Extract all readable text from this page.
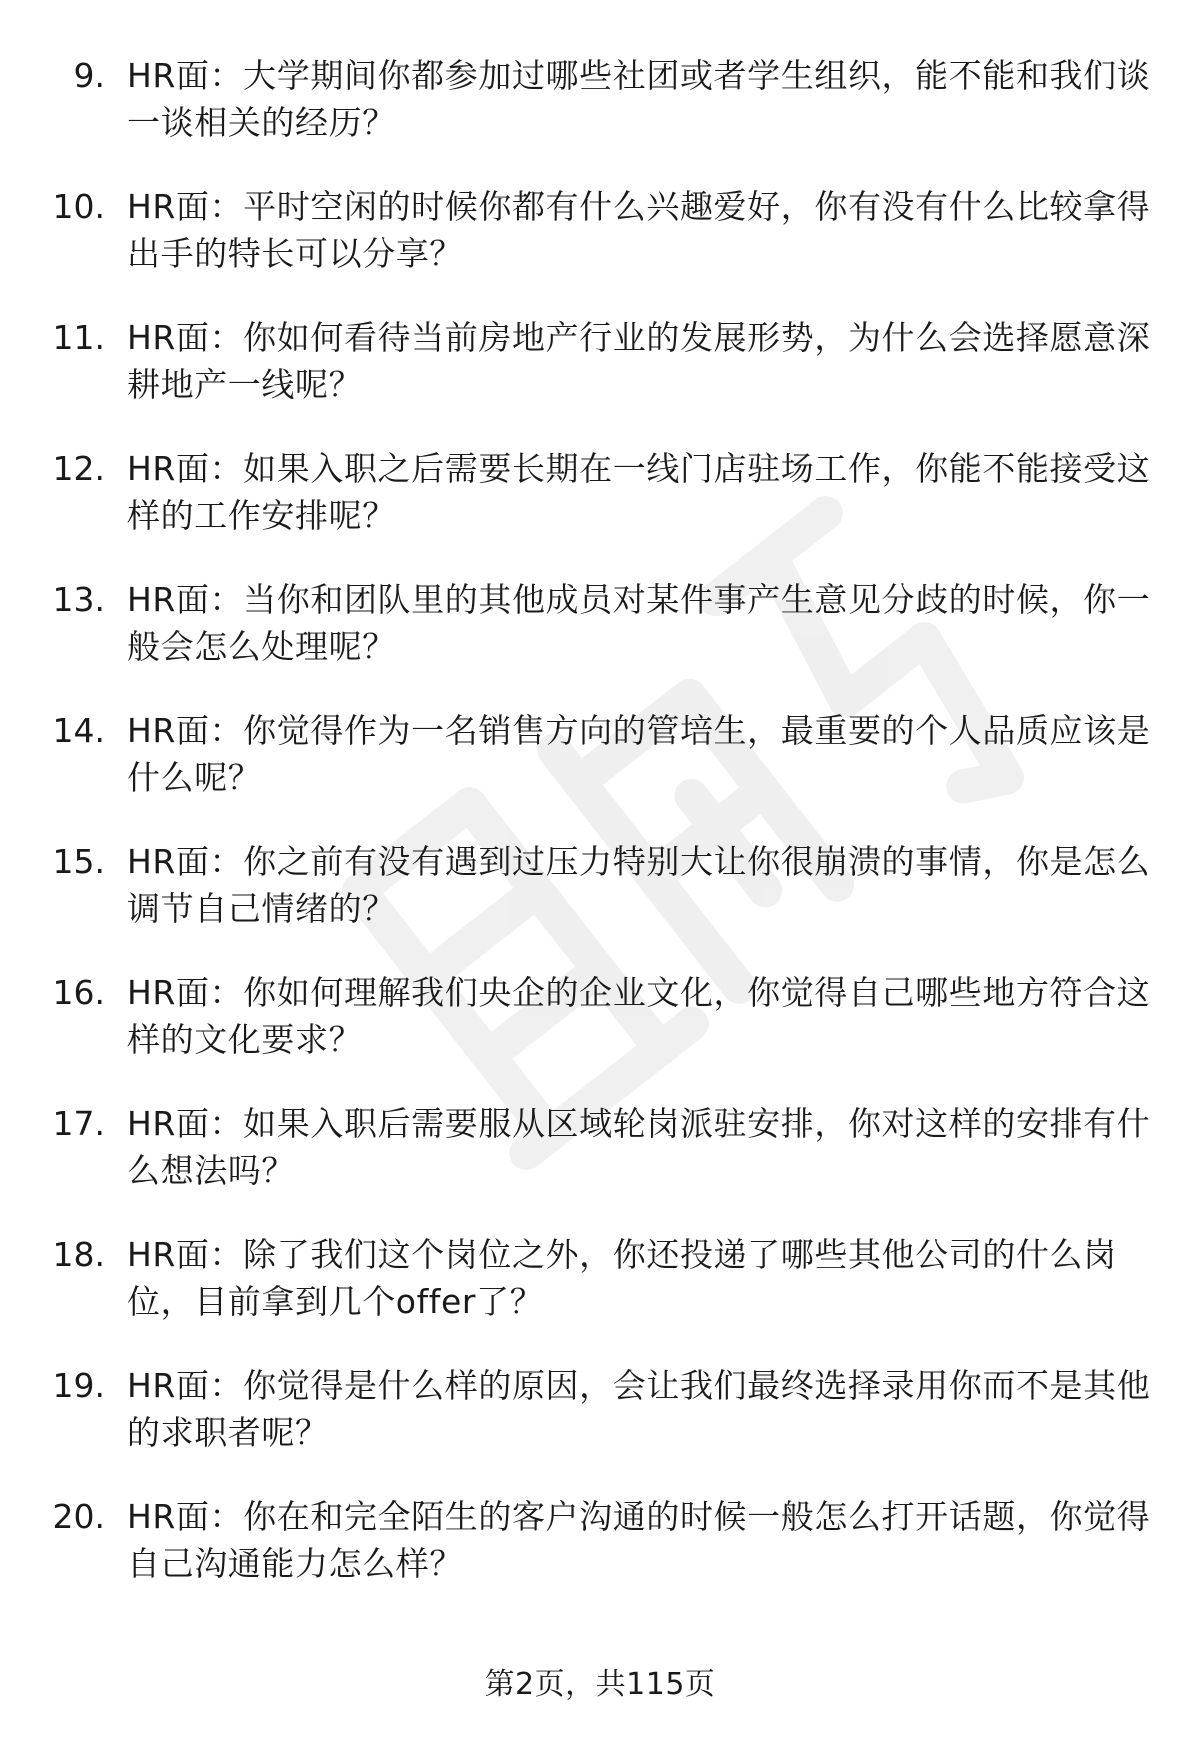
9. HR面：大学期间你都参加过哪些社团或者学生组织，能不能和我们谈一谈相关的经历？
10. HR面：平时空闲的时候你都有什么兴趣爱好，你有没有什么比较拿得出手的特长可以分享？
11. HR面：你如何看待当前房地产行业的发展形势，为什么会选择愿意深耕地产一线呢？
12. HR面：如果入职之后需要长期在一线门店驻场工作，你能不能接受这样的工作安排呢？
13. HR面：当你和团队里的其他成员对某件事产生意见分歧的时候，你一般会怎么处理呢？
14. HR面：你觉得作为一名销售方向的管培生，最重要的个人品质应该是什么呢？
15. HR面：你之前有没有遇到过压力特别大让你很崩溃的事情，你是怎么调节自己情绪的？
16. HR面：你如何理解我们央企的企业文化，你觉得自己哪些地方符合这样的文化要求？
17. HR面：如果入职后需要服从区域轮岗派驻安排，你对这样的安排有什么想法吗？
18. HR面：除了我们这个岗位之外，你还投递了哪些其他公司的什么岗位，目前拿到几个offer了？
19. HR面：你觉得是什么样的原因，会让我们最终选择录用你而不是其他的求职者呢？
20. HR面：你在和完全陌生的客户沟通的时候一般怎么打开话题，你觉得自己沟通能力怎么样？
第2页，共115页
